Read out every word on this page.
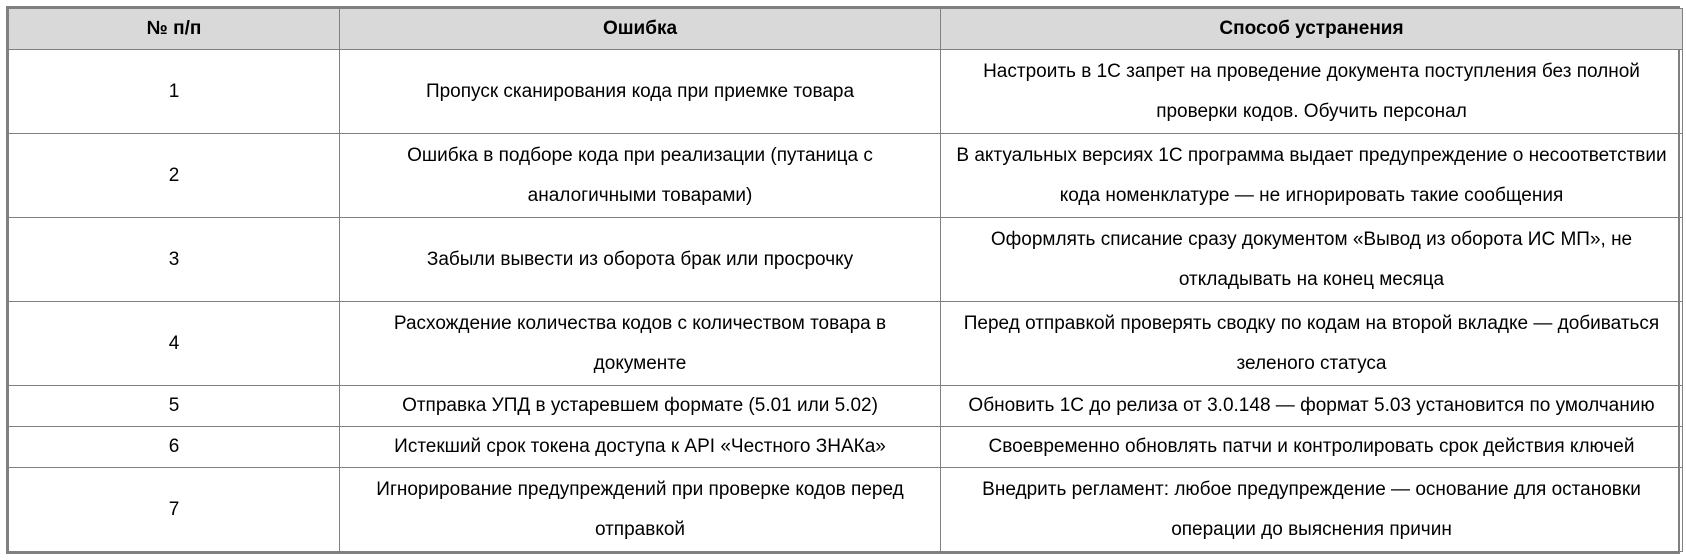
№ п/п	Ошибка	Способ устранения
1	Пропуск сканирования кода при приемке товара	Настроить в 1С запрет на проведение документа поступления без полной проверки кодов. Обучить персонал
2	Ошибка в подборе кода при реализации (путаница с аналогичными товарами)	В актуальных версиях 1С программа выдает предупреждение о несоответствии кода номенклатуре — не игнорировать такие сообщения
3	Забыли вывести из оборота брак или просрочку	Оформлять списание сразу документом «Вывод из оборота ИС МП», не откладывать на конец месяца
4	Расхождение количества кодов с количеством товара в документе	Перед отправкой проверять сводку по кодам на второй вкладке — добиваться зеленого статуса
5	Отправка УПД в устаревшем формате (5.01 или 5.02)	Обновить 1С до релиза от 3.0.148 — формат 5.03 установится по умолчанию
6	Истекший срок токена доступа к API «Честного ЗНАКа»	Своевременно обновлять патчи и контролировать срок действия ключей
7	Игнорирование предупреждений при проверке кодов перед отправкой	Внедрить регламент: любое предупреждение — основание для остановки операции до выяснения причин
